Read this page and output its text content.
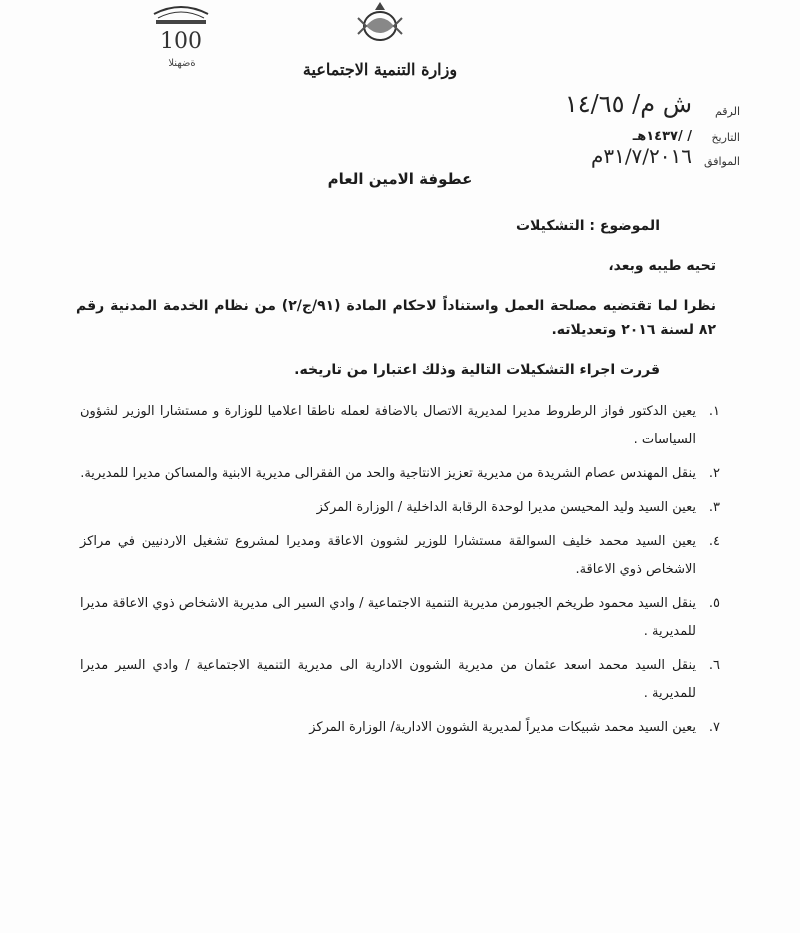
100
ةضهنلا	وزارة التنمية الاجتماعية
الرقم
ش م/ ١٤/٦٥
التاريخ
/ /١٤٣٧هـ
الموافق
٣١/٧/٢٠١٦م
عطوفة الامين العام
الموضوع : التشكيلات
تحيه طيبه وبعد،
نظرا لما تقتضيه مصلحة العمل واستناداً لاحكام المادة (٩١/ج/٢) من نظام الخدمة المدنية رقم ٨٢ لسنة ٢٠١٦ وتعديلاته.
قررت اجراء التشكيلات التالية وذلك اعتبارا من تاريخه.
١.
يعين الدكتور فواز الرطروط مديرا لمديرية الاتصال بالاضافة لعمله ناطقا اعلاميا للوزارة و مستشارا الوزير لشؤون السياسات .
٢.
ينقل المهندس عصام الشريدة من مديرية تعزيز الانتاجية والحد من الفقرالى مديرية الابنية والمساكن مديرا للمديرية.
٣.
يعين السيد وليد المحيسن مديرا لوحدة الرقابة الداخلية / الوزارة المركز
٤.
يعين السيد محمد خليف السوالقة مستشارا للوزير لشوون الاعاقة ومديرا لمشروع تشغيل الاردنيين في مراكز الاشخاص ذوي الاعاقة.
٥.
ينقل السيد محمود طريخم الجبورمن مديرية التنمية الاجتماعية / وادي السير الى مديرية الاشخاص ذوي الاعاقة مديرا للمديرية .
٦.
ينقل السيد محمد اسعد عثمان من مديرية الشوون الادارية الى مديرية التنمية الاجتماعية / وادي السير مديرا للمديرية .
٧.
يعين السيد محمد شبيكات مديراً لمديرية الشوون الادارية/ الوزارة المركز
